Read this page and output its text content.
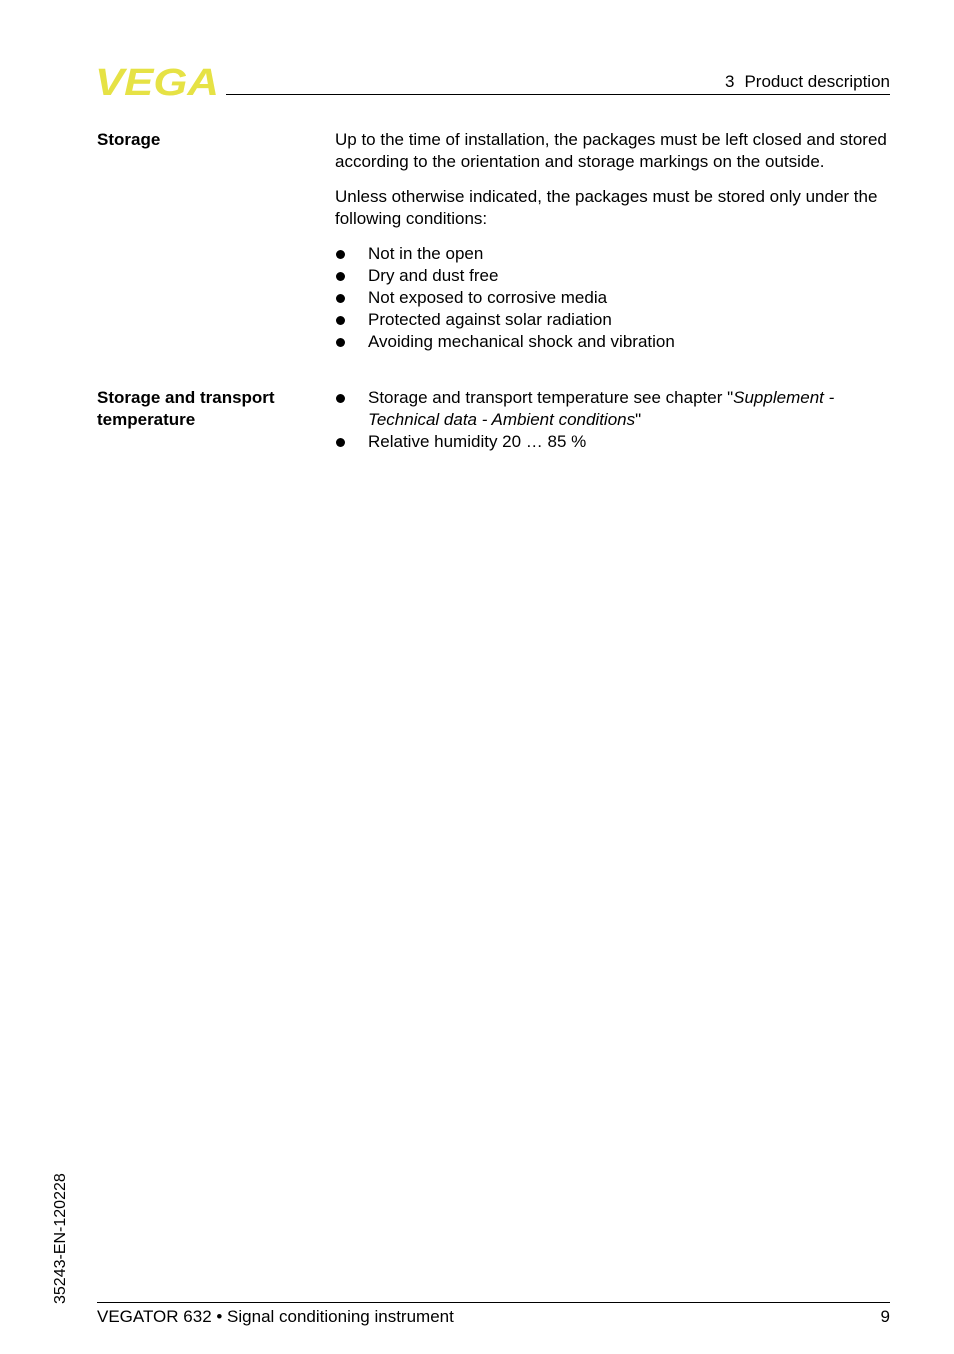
VEGA	3 Product description
Storage	Up to the time of installation, the packages must be left closed and stored according to the orientation and storage markings on the outside.

Unless otherwise indicated, the packages must be stored only under the following conditions:

Not in the open
Dry and dust free
Not exposed to corrosive media
Protected against solar radiation
Avoiding mechanical shock and vibration
Storage and transport
temperature
Storage and transport temperature see chapter "Supplement - Technical data - Ambient conditions"
Relative humidity 20 … 85 %
35243-EN-120228
VEGATOR 632 • Signal conditioning instrument	9
